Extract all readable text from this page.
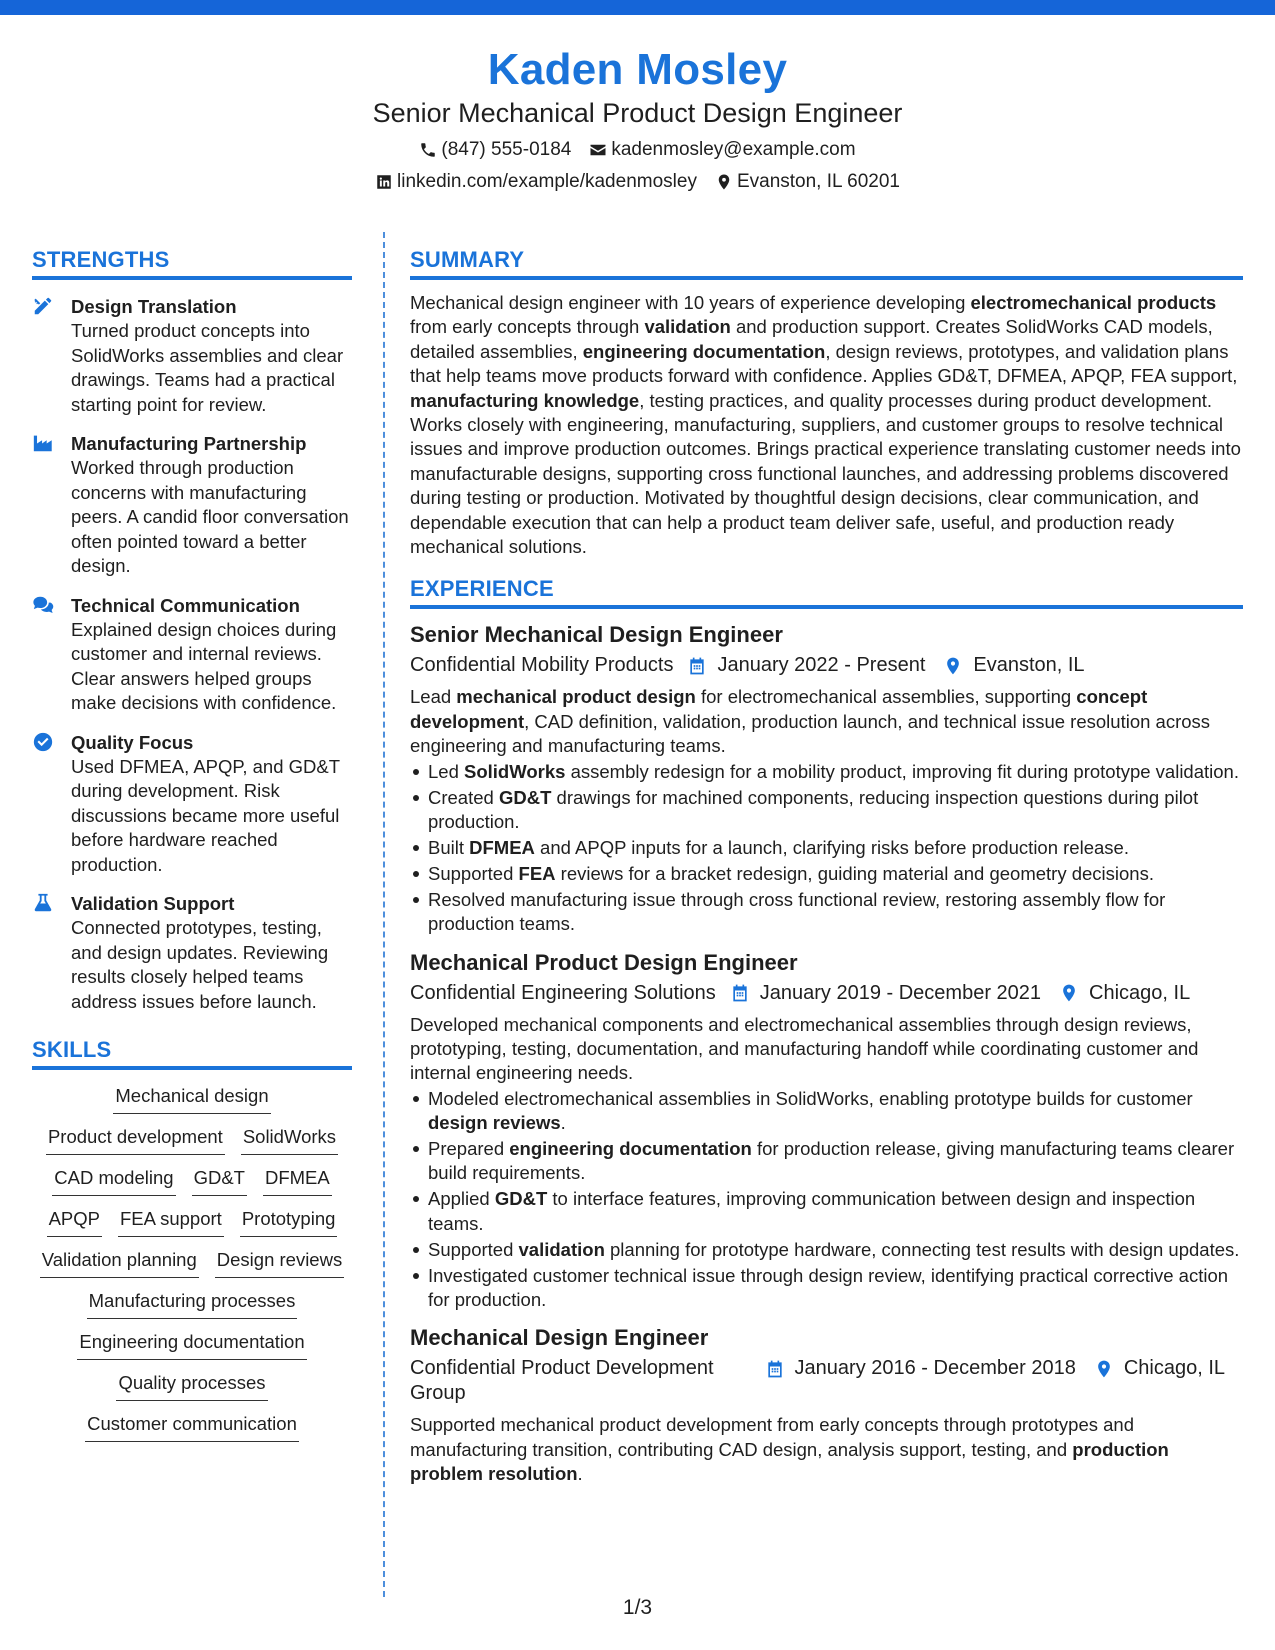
Kaden Mosley
Senior Mechanical Product Design Engineer
(847) 555-0184 kadenmosley@example.com
linkedin.com/example/kadenmosley Evanston, IL 60201
STRENGTHS
Design Translation
Turned product concepts into SolidWorks assemblies and clear drawings. Teams had a practical starting point for review.
Manufacturing Partnership
Worked through production concerns with manufacturing peers. A candid floor conversation often pointed toward a better design.
Technical Communication
Explained design choices during customer and internal reviews. Clear answers helped groups make decisions with confidence.
Quality Focus
Used DFMEA, APQP, and GD&T during development. Risk discussions became more useful before hardware reached production.
Validation Support
Connected prototypes, testing, and design updates. Reviewing results closely helped teams address issues before launch.
SKILLS
Mechanical design
Product development SolidWorks
CAD modeling GD&T DFMEA
APQP FEA support Prototyping
Validation planning Design reviews
Manufacturing processes
Engineering documentation
Quality processes
Customer communication
SUMMARY
Mechanical design engineer with 10 years of experience developing electromechanical products from early concepts through validation and production support. Creates SolidWorks CAD models, detailed assemblies, engineering documentation, design reviews, prototypes, and validation plans that help teams move products forward with confidence. Applies GD&T, DFMEA, APQP, FEA support, manufacturing knowledge, testing practices, and quality processes during product development. Works closely with engineering, manufacturing, suppliers, and customer groups to resolve technical issues and improve production outcomes. Brings practical experience translating customer needs into manufacturable designs, supporting cross functional launches, and addressing problems discovered during testing or production. Motivated by thoughtful design decisions, clear communication, and dependable execution that can help a product team deliver safe, useful, and production ready mechanical solutions.
EXPERIENCE
Senior Mechanical Design Engineer
Confidential Mobility Products January 2022 - Present Evanston, IL
Lead mechanical product design for electromechanical assemblies, supporting concept development, CAD definition, validation, production launch, and technical issue resolution across engineering and manufacturing teams.
Led SolidWorks assembly redesign for a mobility product, improving fit during prototype validation.
Created GD&T drawings for machined components, reducing inspection questions during pilot production.
Built DFMEA and APQP inputs for a launch, clarifying risks before production release.
Supported FEA reviews for a bracket redesign, guiding material and geometry decisions.
Resolved manufacturing issue through cross functional review, restoring assembly flow for production teams.
Mechanical Product Design Engineer
Confidential Engineering Solutions January 2019 - December 2021 Chicago, IL
Developed mechanical components and electromechanical assemblies through design reviews, prototyping, testing, documentation, and manufacturing handoff while coordinating customer and internal engineering needs.
Modeled electromechanical assemblies in SolidWorks, enabling prototype builds for customer design reviews.
Prepared engineering documentation for production release, giving manufacturing teams clearer build requirements.
Applied GD&T to interface features, improving communication between design and inspection teams.
Supported validation planning for prototype hardware, connecting test results with design updates.
Investigated customer technical issue through design review, identifying practical corrective action for production.
Mechanical Design Engineer
Confidential Product Development Group
January 2016 - December 2018 Chicago, IL
Supported mechanical product development from early concepts through prototypes and manufacturing transition, contributing CAD design, analysis support, testing, and production problem resolution.
1/3
